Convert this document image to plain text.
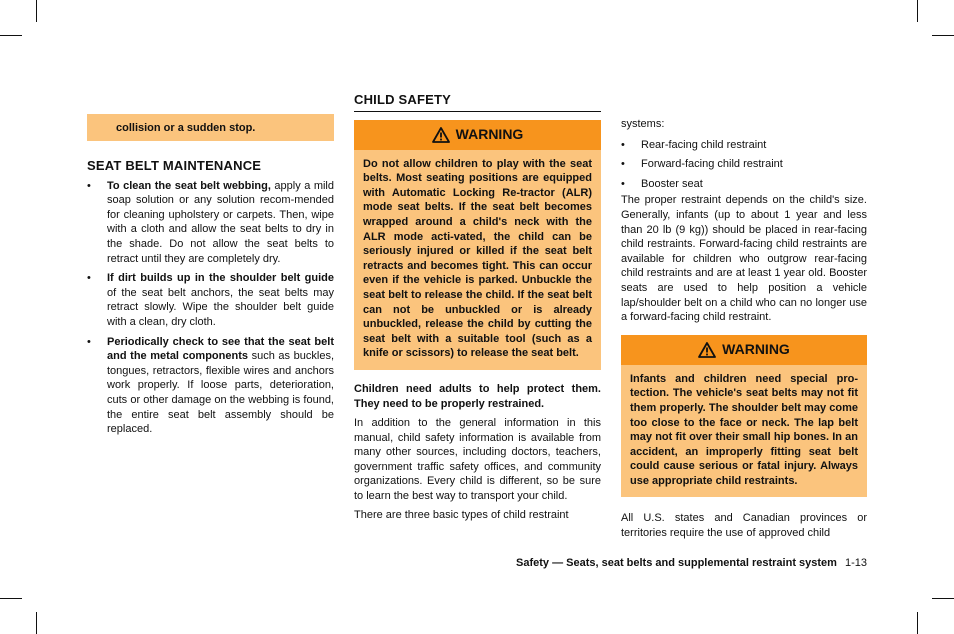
collision or a sudden stop.
SEAT BELT MAINTENANCE
• To clean the seat belt webbing, apply a mild soap solution or any solution recom-mended for cleaning upholstery or carpets. Then, wipe with a cloth and allow the seat belts to dry in the shade. Do not allow the seat belts to retract until they are completely dry.
• If dirt builds up in the shoulder belt guide of the seat belt anchors, the seat belts may retract slowly. Wipe the shoulder belt guide with a clean, dry cloth.
• Periodically check to see that the seat belt and the metal components such as buckles, tongues, retractors, flexible wires and anchors work properly. If loose parts, deterioration, cuts or other damage on the webbing is found, the entire seat belt assembly should be replaced.
CHILD SAFETY
WARNING
Do not allow children to play with the seat belts. Most seating positions are equipped with Automatic Locking Re-tractor (ALR) mode seat belts. If the seat belt becomes wrapped around a child's neck with the ALR mode acti-vated, the child can be seriously injured or killed if the seat belt retracts and becomes tight. This can occur even if the vehicle is parked. Unbuckle the seat belt to release the child. If the seat belt can not be unbuckled or is already unbuckled, release the child by cutting the seat belt with a suitable tool (such as a knife or scissors) to release the seat belt.

Children need adults to help protect them. They need to be properly restrained.

In addition to the general information in this manual, child safety information is available from many other sources, including doctors, teachers, government traffic safety offices, and community organizations. Every child is different, so be sure to learn the best way to transport your child.

There are three basic types of child restraint

systems:

• Rear-facing child restraint
• Forward-facing child restraint
• Booster seat

The proper restraint depends on the child's size. Generally, infants (up to about 1 year and less than 20 lb (9 kg)) should be placed in rear-facing child restraints. Forward-facing child restraints are available for children who outgrow rear-facing child restraints and are at least 1 year old. Booster seats are used to help position a vehicle lap/shoulder belt on a child who can no longer use a forward-facing child restraint.

WARNING
Infants and children need special pro-tection. The vehicle's seat belts may not fit them properly. The shoulder belt may come too close to the face or neck. The lap belt may not fit over their small hip bones. In an accident, an improperly fitting seat belt could cause serious or fatal injury. Always use appropriate child restraints.

All U.S. states and Canadian provinces or territories require the use of approved child

Safety — Seats, seat belts and supplemental restraint system 1-13
